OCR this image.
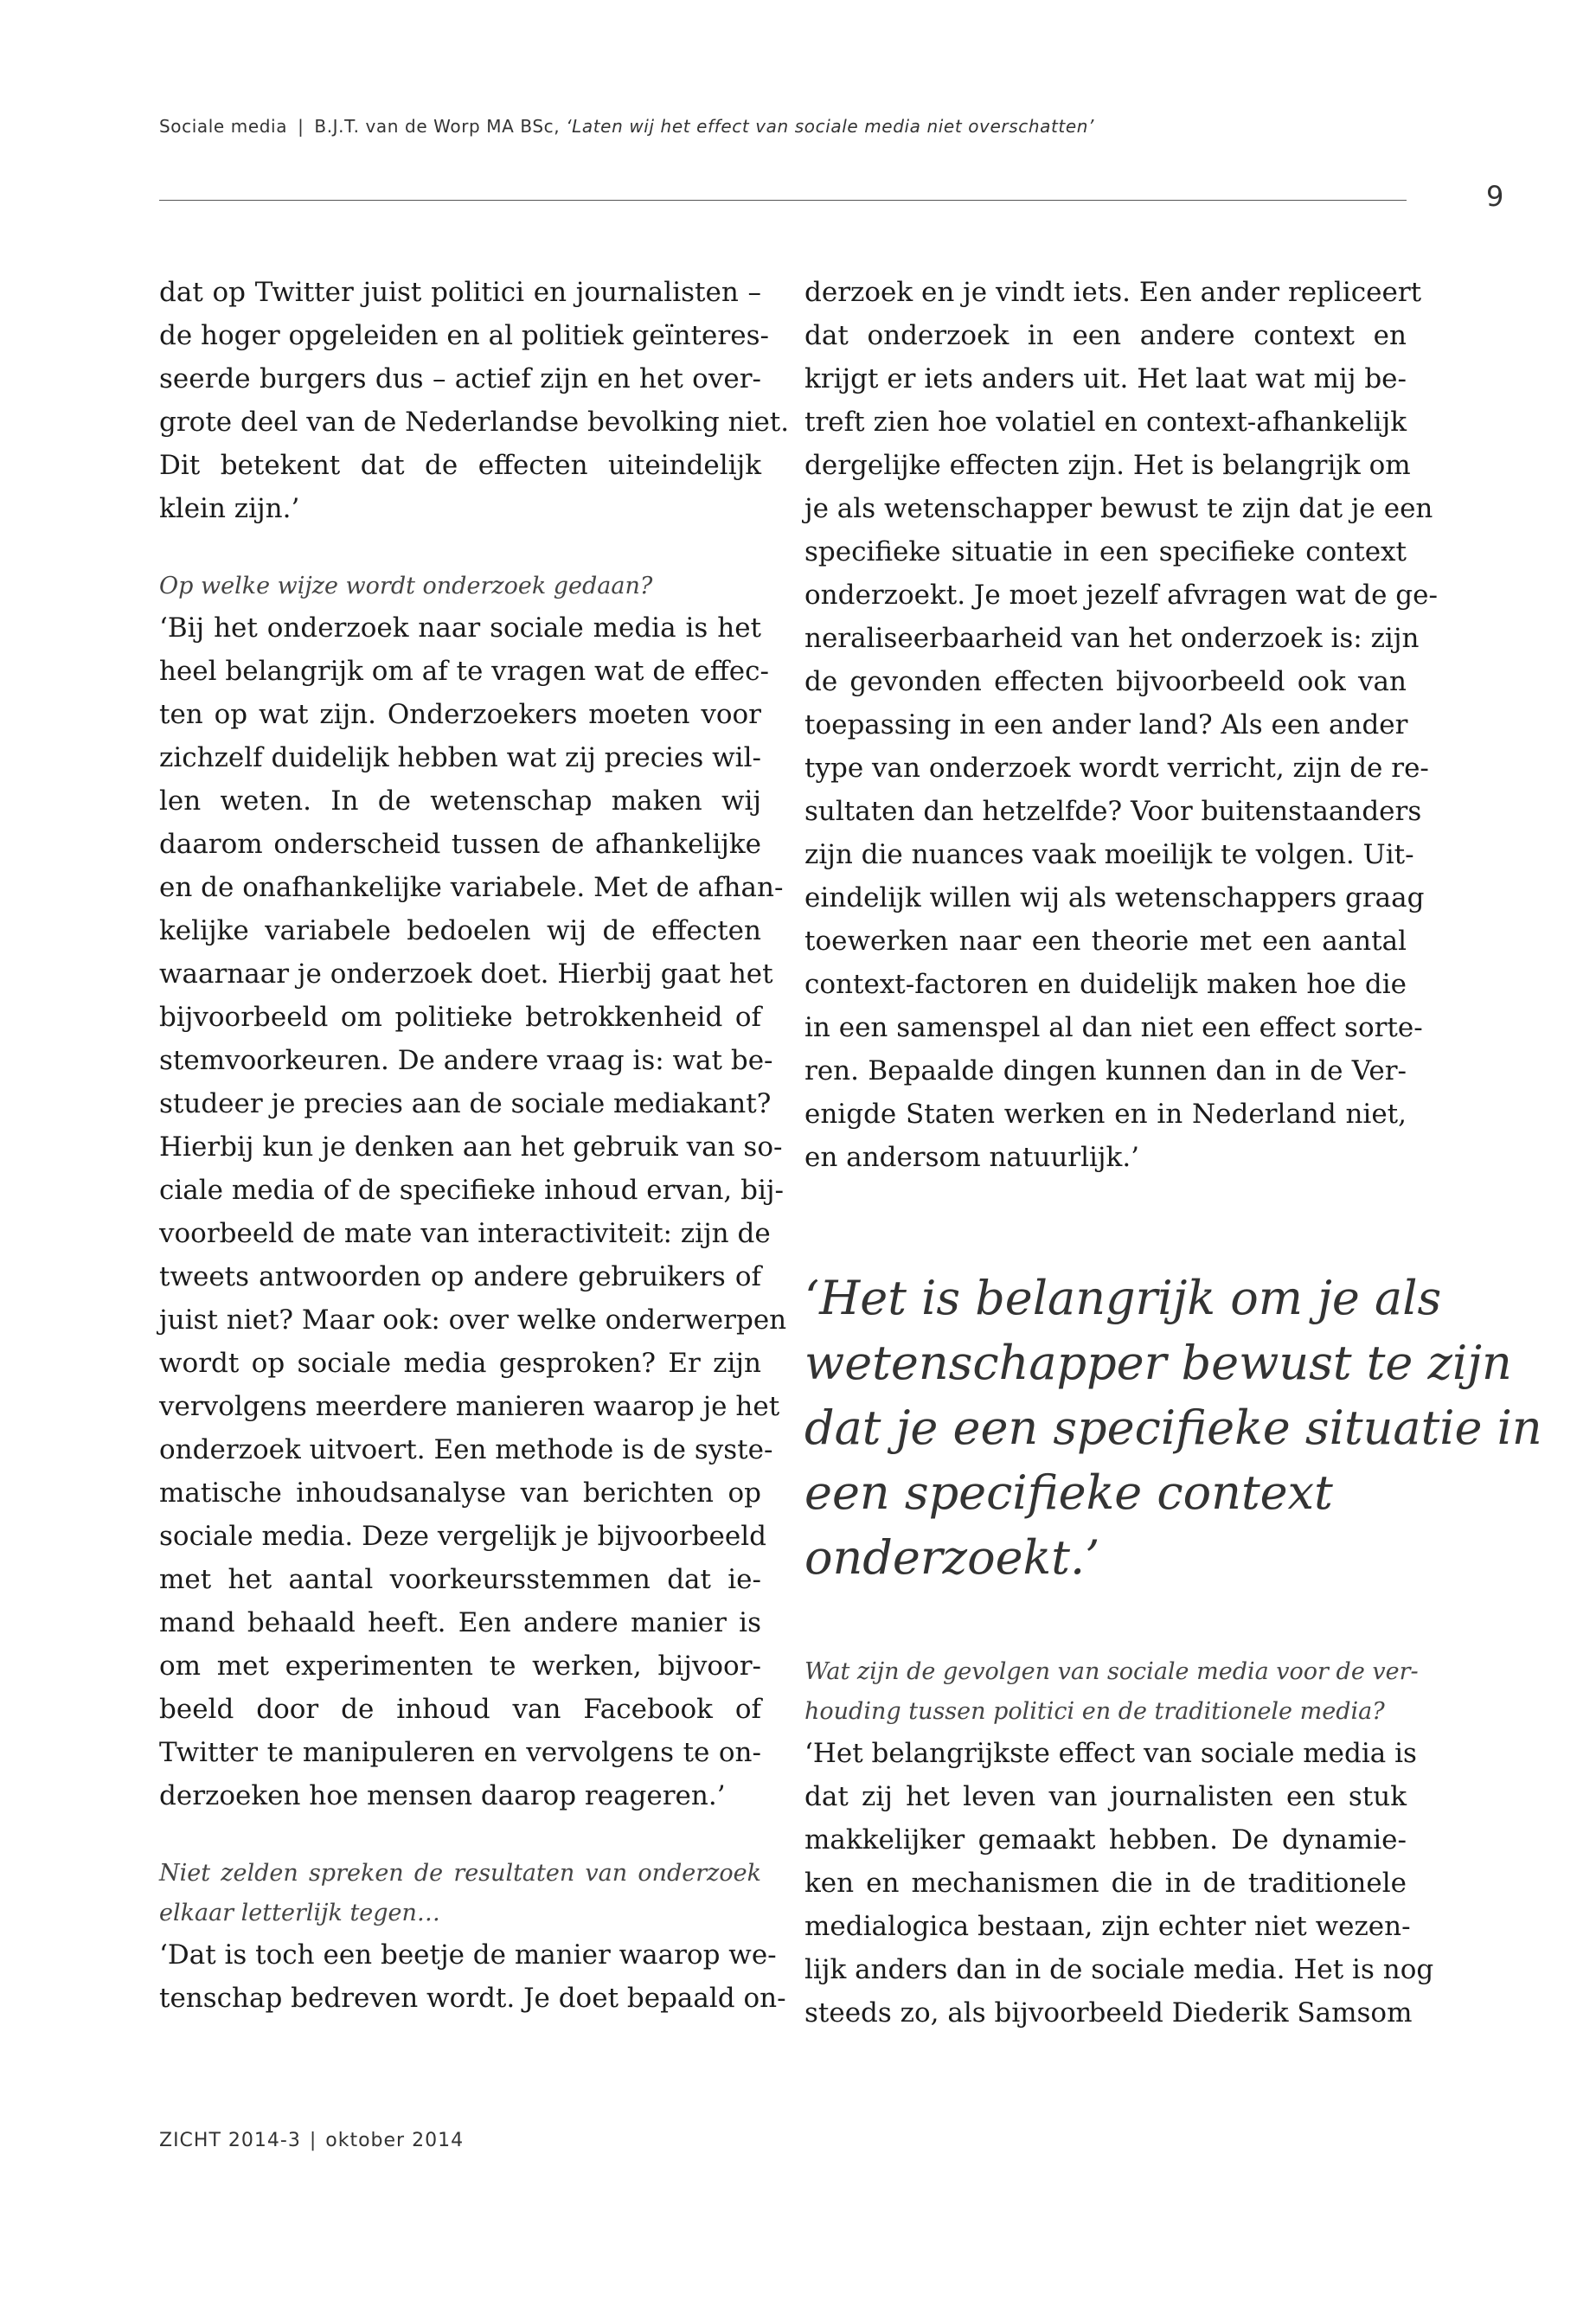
Sociale media | B.J.T. van de Worp MA BSc, ‘Laten wij het effect van sociale media niet overschatten’
9

dat op Twitter juist politici en journalisten –
de hoger opgeleiden en al politiek geïnteres-
seerde burgers dus – actief zijn en het over-
grote deel van de Nederlandse bevolking niet.
Dit betekent dat de effecten uiteindelijk
klein zijn.’

Op welke wijze wordt onderzoek gedaan?

‘Bij het onderzoek naar sociale media is het
heel belangrijk om af te vragen wat de effec-
ten op wat zijn. Onderzoekers moeten voor
zichzelf duidelijk hebben wat zij precies wil-
len weten. In de wetenschap maken wij
daarom onderscheid tussen de afhankelijke
en de onafhankelijke variabele. Met de afhan-
kelijke variabele bedoelen wij de effecten
waarnaar je onderzoek doet. Hierbij gaat het
bijvoorbeeld om politieke betrokkenheid of
stemvoorkeuren. De andere vraag is: wat be-
studeer je precies aan de sociale mediakant?
Hierbij kun je denken aan het gebruik van so-
ciale media of de specifieke inhoud ervan, bij-
voorbeeld de mate van interactiviteit: zijn de
tweets antwoorden op andere gebruikers of
juist niet? Maar ook: over welke onderwerpen
wordt op sociale media gesproken? Er zijn
vervolgens meerdere manieren waarop je het
onderzoek uitvoert. Een methode is de syste-
matische inhoudsanalyse van berichten op
sociale media. Deze vergelijk je bijvoorbeeld
met het aantal voorkeursstemmen dat ie-
mand behaald heeft. Een andere manier is
om met experimenten te werken, bijvoor-
beeld door de inhoud van Facebook of
Twitter te manipuleren en vervolgens te on-
derzoeken hoe mensen daarop reageren.’

Niet zelden spreken de resultaten van onderzoek
elkaar letterlijk tegen…

‘Dat is toch een beetje de manier waarop we-
tenschap bedreven wordt. Je doet bepaald on-

derzoek en je vindt iets. Een ander repliceert
dat onderzoek in een andere context en
krijgt er iets anders uit. Het laat wat mij be-
treft zien hoe volatiel en context-afhankelijk
dergelijke effecten zijn. Het is belangrijk om
je als wetenschapper bewust te zijn dat je een
specifieke situatie in een specifieke context
onderzoekt. Je moet jezelf afvragen wat de ge-
neraliseerbaarheid van het onderzoek is: zijn
de gevonden effecten bijvoorbeeld ook van
toepassing in een ander land? Als een ander
type van onderzoek wordt verricht, zijn de re-
sultaten dan hetzelfde? Voor buitenstaanders
zijn die nuances vaak moeilijk te volgen. Uit-
eindelijk willen wij als wetenschappers graag
toewerken naar een theorie met een aantal
context-factoren en duidelijk maken hoe die
in een samenspel al dan niet een effect sorte-
ren. Bepaalde dingen kunnen dan in de Ver-
enigde Staten werken en in Nederland niet,
en andersom natuurlijk.’

‘Het is belangrijk om je als
wetenschapper bewust te zijn
dat je een specifieke situatie in
een specifieke context
onderzoekt.’

Wat zijn de gevolgen van sociale media voor de ver-
houding tussen politici en de traditionele media?

‘Het belangrijkste effect van sociale media is
dat zij het leven van journalisten een stuk
makkelijker gemaakt hebben. De dynamie-
ken en mechanismen die in de traditionele
medialogica bestaan, zijn echter niet wezen-
lijk anders dan in de sociale media. Het is nog
steeds zo, als bijvoorbeeld Diederik Samsom

ZICHT 2014-3 | oktober 2014
